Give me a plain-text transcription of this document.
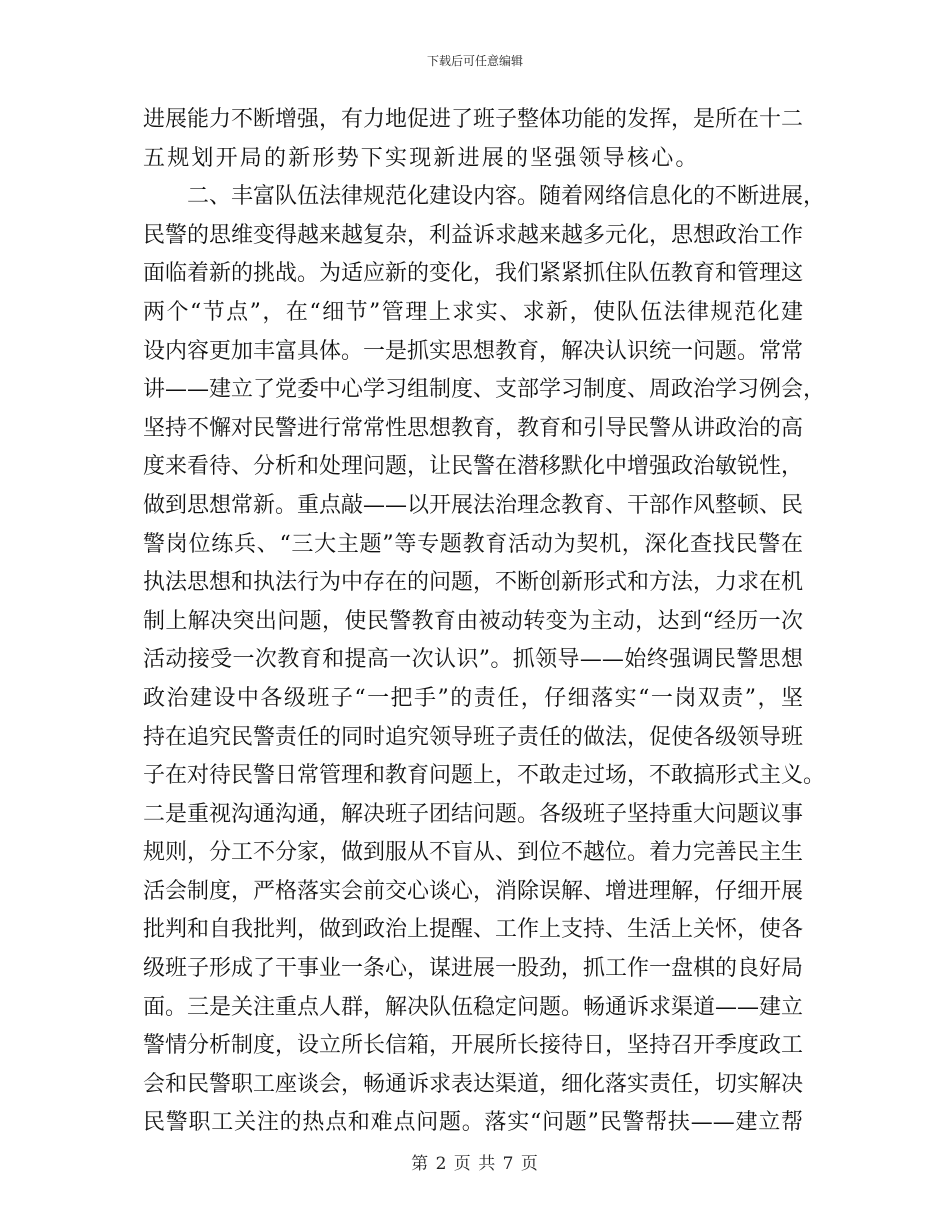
下载后可任意编辑
进展能力不断增强，有力地促进了班子整体功能的发挥，是所在十二
五规划开局的新形势下实现新进展的坚强领导核心。
二、丰富队伍法律规范化建设内容。随着网络信息化的不断进展，
民警的思维变得越来越复杂，利益诉求越来越多元化，思想政治工作
面临着新的挑战。为适应新的变化，我们紧紧抓住队伍教育和管理这
两个“节点”，在“细节”管理上求实、求新，使队伍法律规范化建
设内容更加丰富具体。一是抓实思想教育，解决认识统一问题。常常
讲——建立了党委中心学习组制度、支部学习制度、周政治学习例会，
坚持不懈对民警进行常常性思想教育，教育和引导民警从讲政治的高
度来看待、分析和处理问题，让民警在潜移默化中增强政治敏锐性，
做到思想常新。重点敲——以开展法治理念教育、干部作风整顿、民
警岗位练兵、“三大主题”等专题教育活动为契机，深化查找民警在
执法思想和执法行为中存在的问题，不断创新形式和方法，力求在机
制上解决突出问题，使民警教育由被动转变为主动，达到“经历一次
活动接受一次教育和提高一次认识”。抓领导——始终强调民警思想
政治建设中各级班子“一把手”的责任，仔细落实“一岗双责”，坚
持在追究民警责任的同时追究领导班子责任的做法，促使各级领导班
子在对待民警日常管理和教育问题上，不敢走过场，不敢搞形式主义。
二是重视沟通沟通，解决班子团结问题。各级班子坚持重大问题议事
规则，分工不分家，做到服从不盲从、到位不越位。着力完善民主生
活会制度，严格落实会前交心谈心，消除误解、增进理解，仔细开展
批判和自我批判，做到政治上提醒、工作上支持、生活上关怀，使各
级班子形成了干事业一条心，谋进展一股劲，抓工作一盘棋的良好局
面。三是关注重点人群，解决队伍稳定问题。畅通诉求渠道——建立
警情分析制度，设立所长信箱，开展所长接待日，坚持召开季度政工
会和民警职工座谈会，畅通诉求表达渠道，细化落实责任，切实解决
民警职工关注的热点和难点问题。落实“问题”民警帮扶——建立帮
第 2 页 共 7 页
